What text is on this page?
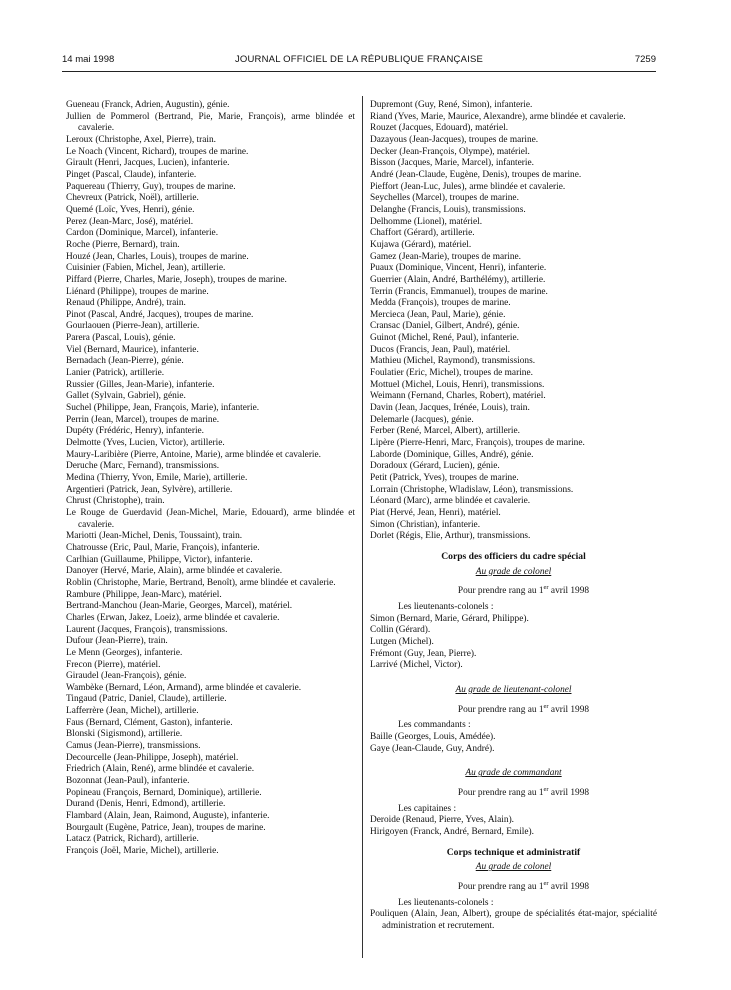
14 mai 1998	JOURNAL OFFICIEL DE LA RÉPUBLIQUE FRANÇAISE	7259
Gueneau (Franck, Adrien, Augustin), génie.
Jullien de Pommerol (Bertrand, Pie, Marie, François), arme blindée et cavalerie.
Leroux (Christophe, Axel, Pierre), train.
Le Noach (Vincent, Richard), troupes de marine.
Girault (Henri, Jacques, Lucien), infanterie.
Pinget (Pascal, Claude), infanterie.
Paquereau (Thierry, Guy), troupes de marine.
Chevreux (Patrick, Noël), artillerie.
Quemé (Loïc, Yves, Henri), génie.
Perez (Jean-Marc, José), matériel.
Cardon (Dominique, Marcel), infanterie.
Roche (Pierre, Bernard), train.
Houzé (Jean, Charles, Louis), troupes de marine.
Cuisinier (Fabien, Michel, Jean), artillerie.
Piffard (Pierre, Charles, Marie, Joseph), troupes de marine.
Liénard (Philippe), troupes de marine.
Renaud (Philippe, André), train.
Pinot (Pascal, André, Jacques), troupes de marine.
Gourlaouen (Pierre-Jean), artillerie.
Parera (Pascal, Louis), génie.
Viel (Bernard, Maurice), infanterie.
Bernadach (Jean-Pierre), génie.
Lanier (Patrick), artillerie.
Russier (Gilles, Jean-Marie), infanterie.
Gallet (Sylvain, Gabriel), génie.
Suchel (Philippe, Jean, François, Marie), infanterie.
Perrin (Jean, Marcel), troupes de marine.
Dupéty (Frédéric, Henry), infanterie.
Delmotte (Yves, Lucien, Victor), artillerie.
Maury-Laribière (Pierre, Antoine, Marie), arme blindée et cavalerie.
Deruche (Marc, Fernand), transmissions.
Medina (Thierry, Yvon, Emile, Marie), artillerie.
Argentieri (Patrick, Jean, Sylvère), artillerie.
Chrust (Christophe), train.
Le Rouge de Guerdavid (Jean-Michel, Marie, Edouard), arme blindée et cavalerie.
Mariotti (Jean-Michel, Denis, Toussaint), train.
Chatrousse (Eric, Paul, Marie, François), infanterie.
Carlhian (Guillaume, Philippe, Victor), infanterie.
Danoyer (Hervé, Marie, Alain), arme blindée et cavalerie.
Roblin (Christophe, Marie, Bertrand, Benoît), arme blindée et cavalerie.
Rambure (Philippe, Jean-Marc), matériel.
Bertrand-Manchou (Jean-Marie, Georges, Marcel), matériel.
Charles (Erwan, Jakez, Loeiz), arme blindée et cavalerie.
Laurent (Jacques, François), transmissions.
Dufour (Jean-Pierre), train.
Le Menn (Georges), infanterie.
Frecon (Pierre), matériel.
Giraudel (Jean-François), génie.
Wambèke (Bernard, Léon, Armand), arme blindée et cavalerie.
Tingaud (Patric, Daniel, Claude), artillerie.
Lafferrère (Jean, Michel), artillerie.
Faus (Bernard, Clément, Gaston), infanterie.
Blonski (Sigismond), artillerie.
Camus (Jean-Pierre), transmissions.
Decourcelle (Jean-Philippe, Joseph), matériel.
Friedrich (Alain, René), arme blindée et cavalerie.
Bozonnat (Jean-Paul), infanterie.
Popineau (François, Bernard, Dominique), artillerie.
Durand (Denis, Henri, Edmond), artillerie.
Flambard (Alain, Jean, Raimond, Auguste), infanterie.
Bourgault (Eugène, Patrice, Jean), troupes de marine.
Latacz (Patrick, Richard), artillerie.
François (Joël, Marie, Michel), artillerie.
Dupremont (Guy, René, Simon), infanterie.
Riand (Yves, Marie, Maurice, Alexandre), arme blindée et cavalerie.
Rouzet (Jacques, Edouard), matériel.
Dazayous (Jean-Jacques), troupes de marine.
Decker (Jean-François, Olympe), matériel.
Bisson (Jacques, Marie, Marcel), infanterie.
André (Jean-Claude, Eugène, Denis), troupes de marine.
Pieffort (Jean-Luc, Jules), arme blindée et cavalerie.
Seychelles (Marcel), troupes de marine.
Delanghe (Francis, Louis), transmissions.
Delhomme (Lionel), matériel.
Chaffort (Gérard), artillerie.
Kujawa (Gérard), matériel.
Gamez (Jean-Marie), troupes de marine.
Puaux (Dominique, Vincent, Henri), infanterie.
Guerrier (Alain, André, Barthélémy), artillerie.
Terrin (Francis, Emmanuel), troupes de marine.
Medda (François), troupes de marine.
Mercieca (Jean, Paul, Marie), génie.
Cransac (Daniel, Gilbert, André), génie.
Guinot (Michel, René, Paul), infanterie.
Ducos (Francis, Jean, Paul), matériel.
Mathieu (Michel, Raymond), transmissions.
Foulatier (Eric, Michel), troupes de marine.
Mottuel (Michel, Louis, Henri), transmissions.
Weimann (Fernand, Charles, Robert), matériel.
Davin (Jean, Jacques, Irénée, Louis), train.
Delemarle (Jacques), génie.
Ferber (René, Marcel, Albert), artillerie.
Lipère (Pierre-Henri, Marc, François), troupes de marine.
Laborde (Dominique, Gilles, André), génie.
Doradoux (Gérard, Lucien), génie.
Petit (Patrick, Yves), troupes de marine.
Lorrain (Christophe, Wladislaw, Léon), transmissions.
Léonard (Marc), arme blindée et cavalerie.
Piat (Hervé, Jean, Henri), matériel.
Simon (Christian), infanterie.
Dorlet (Régis, Elie, Arthur), transmissions.
Corps des officiers du cadre spécial
Au grade de colonel
Pour prendre rang au 1er avril 1998
Les lieutenants-colonels :
Simon (Bernard, Marie, Gérard, Philippe).
Collin (Gérard).
Lutgen (Michel).
Frémont (Guy, Jean, Pierre).
Larrivé (Michel, Victor).
Au grade de lieutenant-colonel
Pour prendre rang au 1er avril 1998
Les commandants :
Baille (Georges, Louis, Amédée).
Gaye (Jean-Claude, Guy, André).
Au grade de commandant
Pour prendre rang au 1er avril 1998
Les capitaines :
Deroide (Renaud, Pierre, Yves, Alain).
Hirigoyen (Franck, André, Bernard, Emile).
Corps technique et administratif
Au grade de colonel
Pour prendre rang au 1er avril 1998
Les lieutenants-colonels :
Pouliquen (Alain, Jean, Albert), groupe de spécialités état-major, spécialité administration et recrutement.
